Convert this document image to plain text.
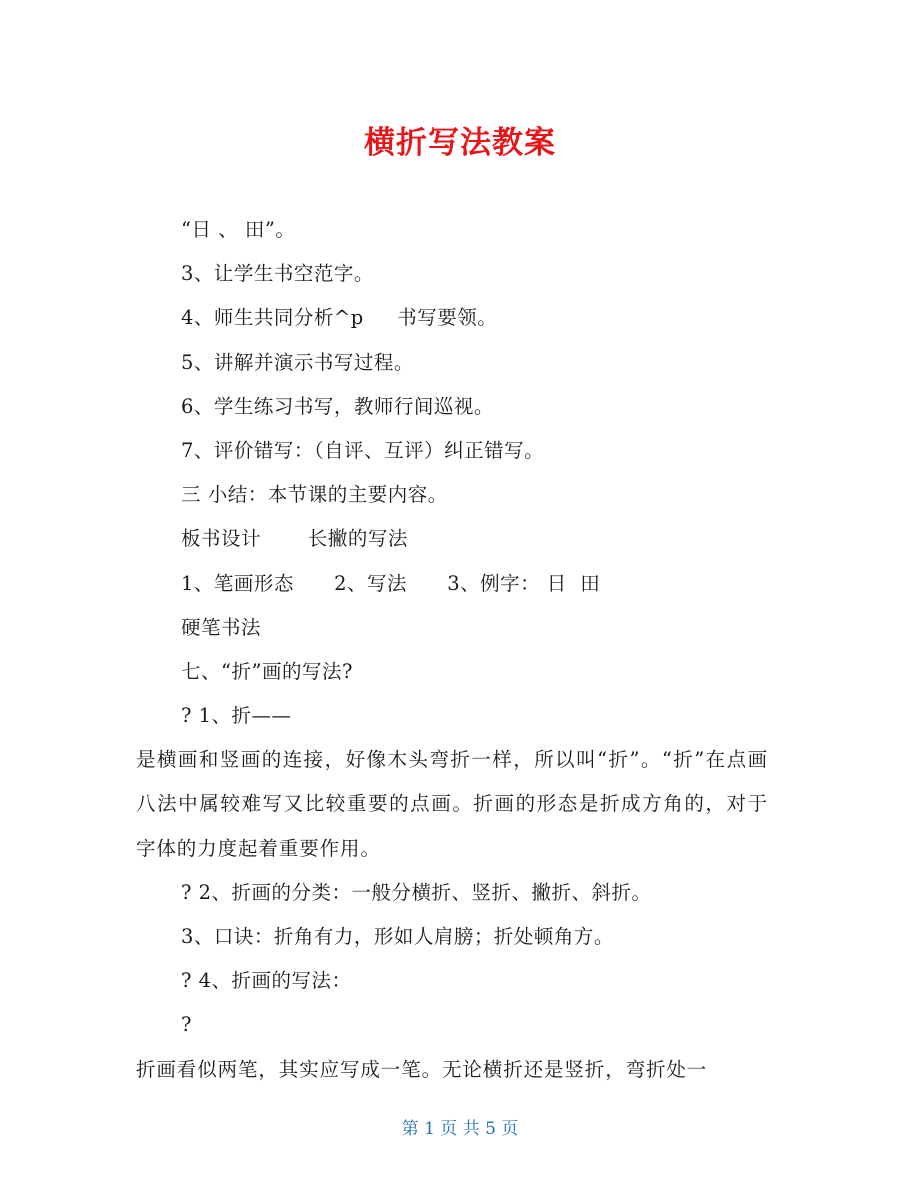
横折写法教案
“日 、 田”。
3、让学生书空范字。
4、师生共同分析^p     书写要领。
5、讲解并演示书写过程。
6、学生练习书写，教师行间巡视。
7、评价错写：（自评、互评）纠正错写。
三 小结：本节课的主要内容。
板书设计       长撇的写法
1、笔画形态      2、写法      3、例字： 日  田
硬笔书法
七、“折”画的写法?
? 1、折——
是横画和竖画的连接，好像木头弯折一样，所以叫“折”。“折”在点画八法中属较难写又比较重要的点画。折画的形态是折成方角的，对于字体的力度起着重要作用。
? 2、折画的分类：一般分横折、竖折、撇折、斜折。
3、口诀：折角有力，形如人肩膀；折处顿角方。
? 4、折画的写法：
?
折画看似两笔，其实应写成一笔。无论横折还是竖折，弯折处一
第 1 页 共 5 页
